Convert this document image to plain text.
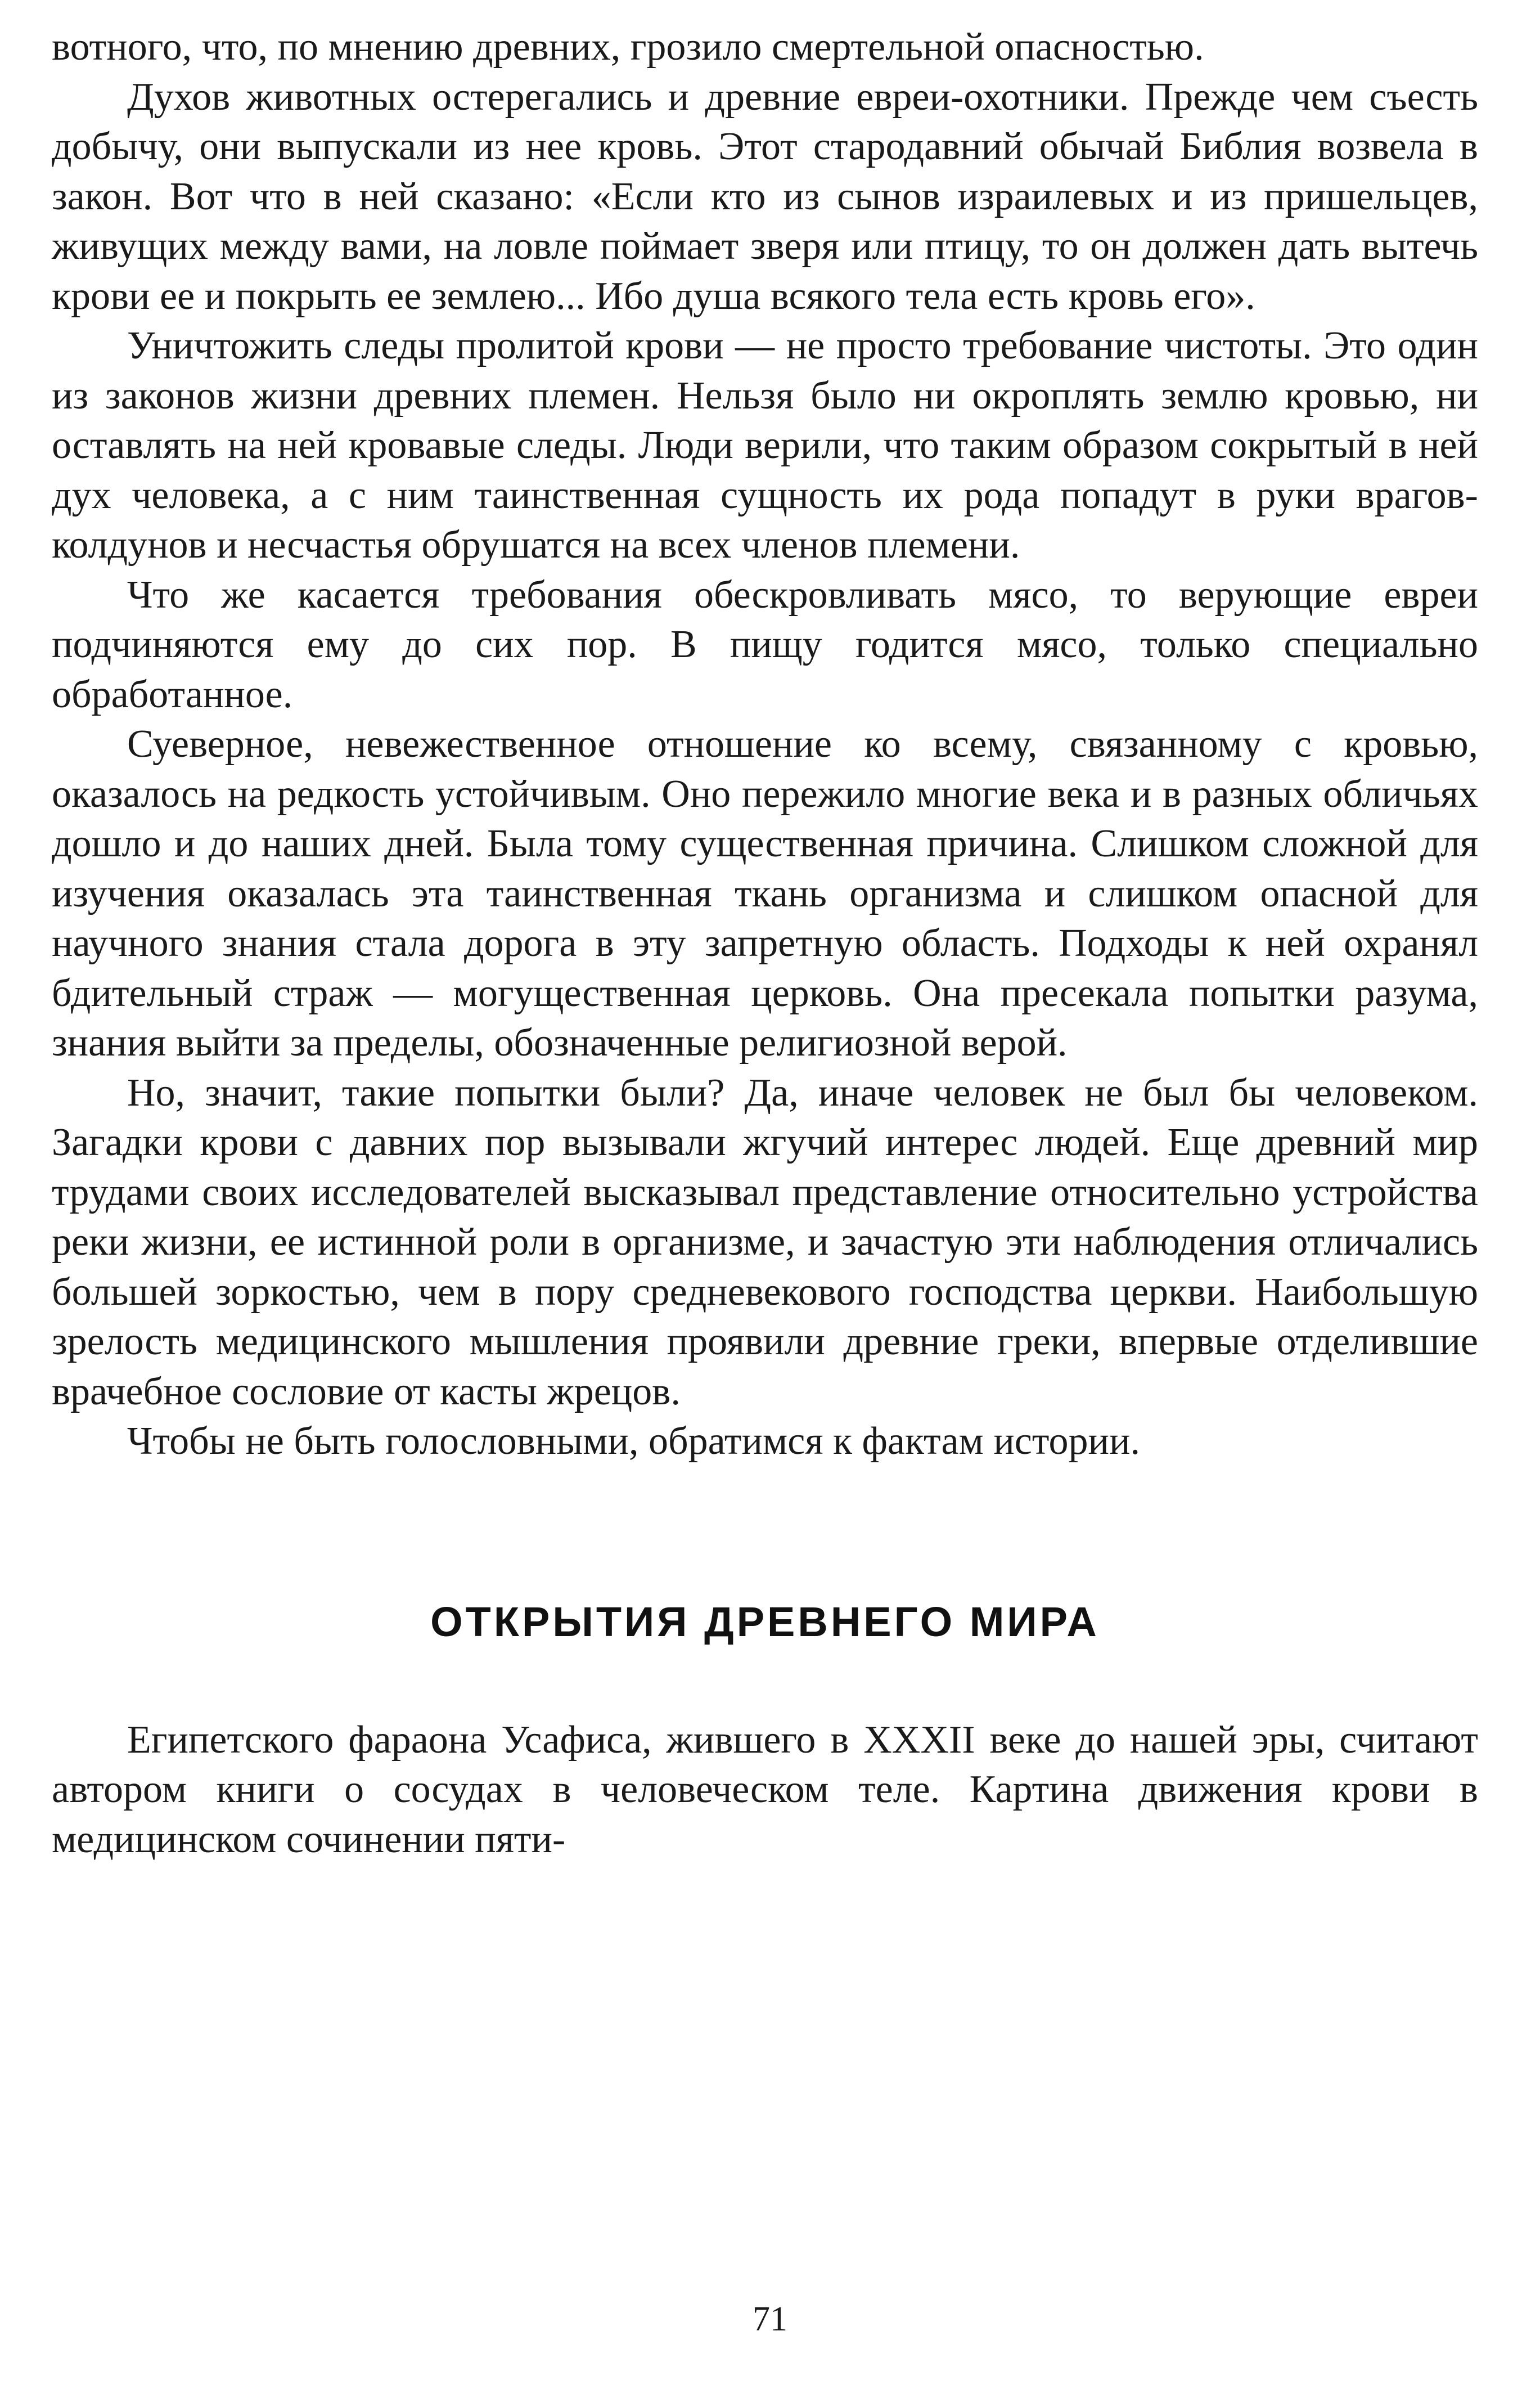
вотного, что, по мнению древних, грозило смертельной опасностью.

Духов животных остерегались и древние евреи-охотники. Прежде чем съесть добычу, они выпускали из нее кровь. Этот стародавний обычай Библия возвела в закон. Вот что в ней сказано: «Если кто из сынов израилевых и из пришельцев, живущих между вами, на ловле поймает зверя или птицу, то он должен дать вытечь крови ее и покрыть ее землею... Ибо душа всякого тела есть кровь его».

Уничтожить следы пролитой крови — не просто требование чистоты. Это один из законов жизни древних племен. Нельзя было ни окроплять землю кровью, ни оставлять на ней кровавые следы. Люди верили, что таким образом сокрытый в ней дух человека, а с ним таинственная сущность их рода попадут в руки врагов-колдунов и несчастья обрушатся на всех членов племени.

Что же касается требования обескровливать мясо, то верующие евреи подчиняются ему до сих пор. В пищу годится мясо, только специально обработанное.

Суеверное, невежественное отношение ко всему, связанному с кровью, оказалось на редкость устойчивым. Оно пережило многие века и в разных обличьях дошло и до наших дней. Была тому существенная причина. Слишком сложной для изучения оказалась эта таинственная ткань организма и слишком опасной для научного знания стала дорога в эту запретную область. Подходы к ней охранял бдительный страж — могущественная церковь. Она пресекала попытки разума, знания выйти за пределы, обозначенные религиозной верой.

Но, значит, такие попытки были? Да, иначе человек не был бы человеком. Загадки крови с давних пор вызывали жгучий интерес людей. Еще древний мир трудами своих исследователей высказывал представление относительно устройства реки жизни, ее истинной роли в организме, и зачастую эти наблюдения отличались большей зоркостью, чем в пору средневекового господства церкви. Наибольшую зрелость медицинского мышления проявили древние греки, впервые отделившие врачебное сословие от касты жрецов.

Чтобы не быть голословными, обратимся к фактам истории.

ОТКРЫТИЯ ДРЕВНЕГО МИРА

Египетского фараона Усафиса, жившего в XXXII веке до нашей эры, считают автором книги о сосудах в человеческом теле. Картина движения крови в медицинском сочинении пяти-

71
